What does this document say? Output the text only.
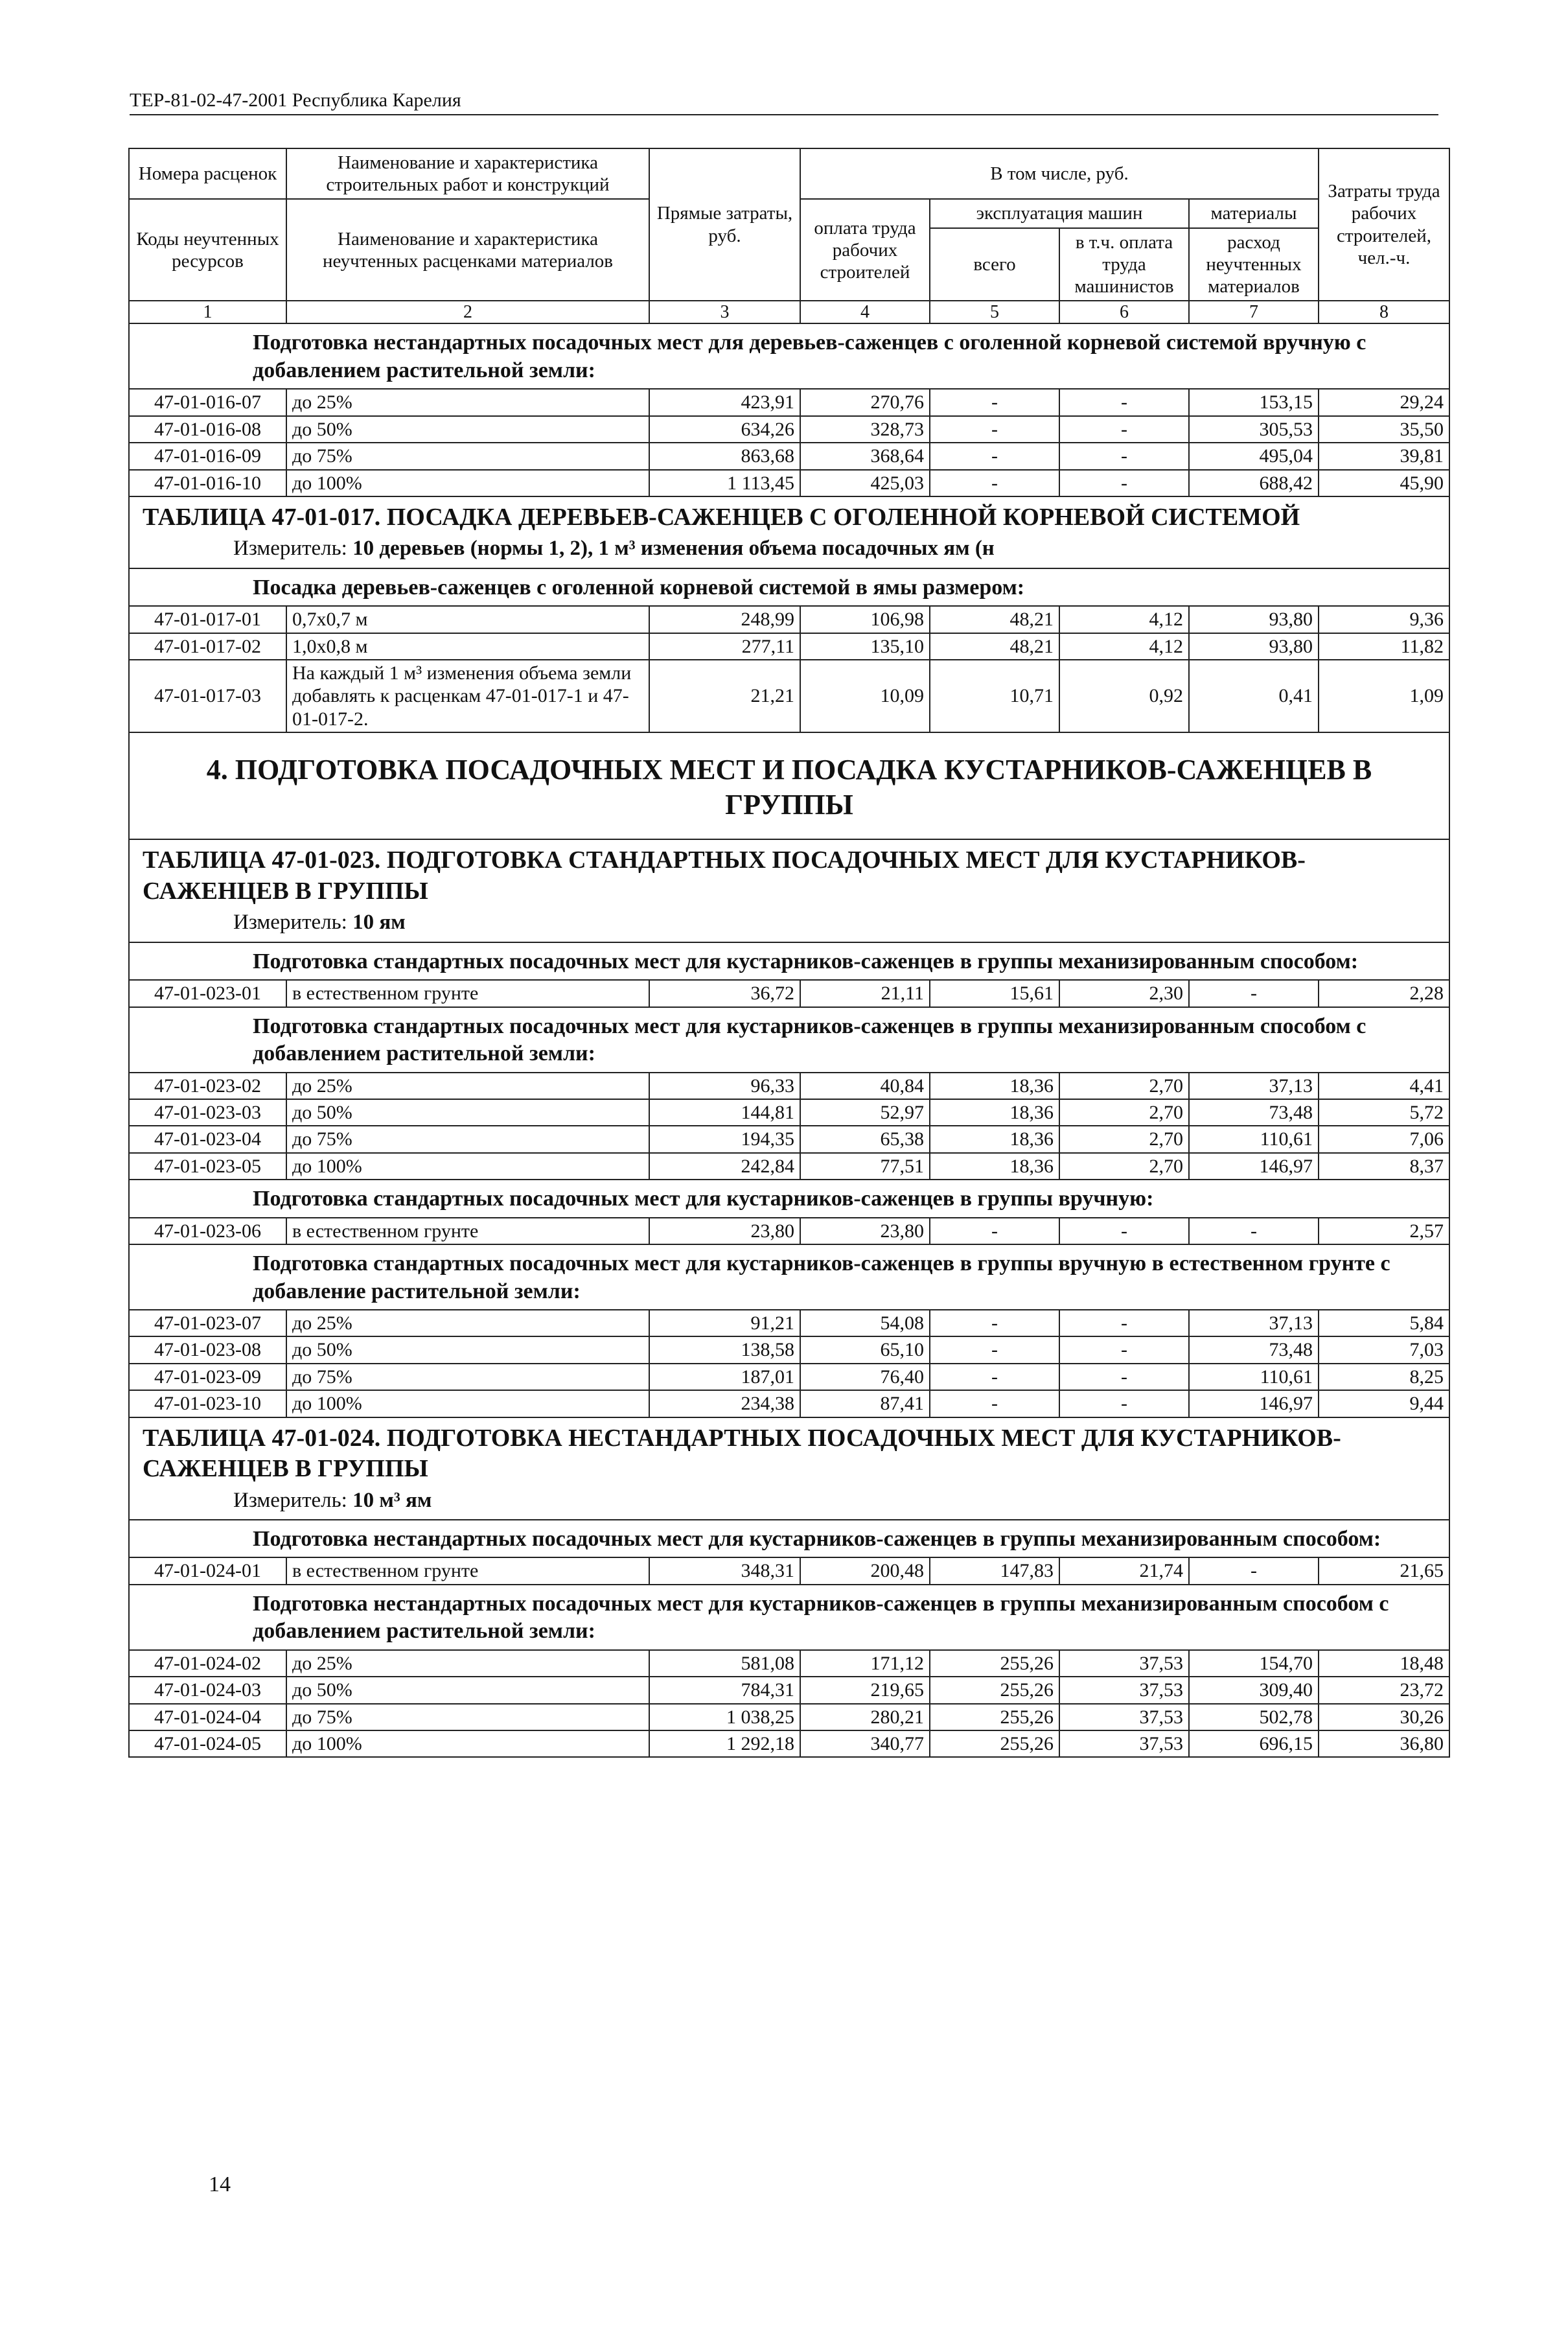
ТЕР-81-02-47-2001 Республика Карелия
Номера расценок	Наименование и характеристика строительных работ и конструкций	Прямые затраты, руб.	В том числе, руб.				Затраты труда рабочих строителей, чел.-ч.
Коды неучтенных ресурсов	Наименование и характеристика неучтенных расценками материалов		оплата труда рабочих строителей	эксплуатация машин		материалы	
				всего	в т.ч. оплата труда машинистов	расход неучтенных материалов	
1	2	3	4	5	6	7	8

Подготовка нестандартных посадочных мест для деревьев-саженцев с оголенной корневой системой вручную с добавлением растительной земли:							

47-01-016-07	до 25%	423,91	270,76	-	-	153,15	29,24
47-01-016-08	до 50%	634,26	328,73	-	-	305,53	35,50
47-01-016-09	до 75%	863,68	368,64	-	-	495,04	39,81
47-01-016-10	до 100%	1 113,45	425,03	-	-	688,42	45,90

ТАБЛИЦА 47-01-017. ПОСАДКА ДЕРЕВЬЕВ-САЖЕНЦЕВ С ОГОЛЕННОЙ КОРНЕВОЙ СИСТЕМОЙ
Измеритель: 10 деревьев (нормы 1, 2), 1 м³ изменения объема посадочных ям (н							

Посадка деревьев-саженцев с оголенной корневой системой в ямы размером:							

47-01-017-01	0,7х0,7 м	248,99	106,98	48,21	4,12	93,80	9,36
47-01-017-02	1,0х0,8 м	277,11	135,10	48,21	4,12	93,80	11,82
47-01-017-03	На каждый 1 м³ изменения объема земли добавлять к расценкам 47-01-017-1 и 47-01-017-2.	21,21	10,09	10,71	0,92	0,41	1,09
4. ПОДГОТОВКА ПОСАДОЧНЫХ МЕСТ И ПОСАДКА КУСТАРНИКОВ-САЖЕНЦЕВ В ГРУППЫ							

ТАБЛИЦА 47-01-023. ПОДГОТОВКА СТАНДАРТНЫХ ПОСАДОЧНЫХ МЕСТ ДЛЯ КУСТАРНИКОВ-САЖЕНЦЕВ В ГРУППЫ
Измеритель: 10 ям							

Подготовка стандартных посадочных мест для кустарников-саженцев в группы механизированным способом:							

47-01-023-01	в естественном грунте	36,72	21,11	15,61	2,30	-	2,28

Подготовка стандартных посадочных мест для кустарников-саженцев в группы механизированным способом с добавлением растительной земли:							

47-01-023-02	до 25%	96,33	40,84	18,36	2,70	37,13	4,41
47-01-023-03	до 50%	144,81	52,97	18,36	2,70	73,48	5,72
47-01-023-04	до 75%	194,35	65,38	18,36	2,70	110,61	7,06
47-01-023-05	до 100%	242,84	77,51	18,36	2,70	146,97	8,37

Подготовка стандартных посадочных мест для кустарников-саженцев в группы вручную:							

47-01-023-06	в естественном грунте	23,80	23,80	-	-	-	2,57

Подготовка стандартных посадочных мест для кустарников-саженцев в группы вручную в естественном грунте с добавление растительной земли:							

47-01-023-07	до 25%	91,21	54,08	-	-	37,13	5,84
47-01-023-08	до 50%	138,58	65,10	-	-	73,48	7,03
47-01-023-09	до 75%	187,01	76,40	-	-	110,61	8,25
47-01-023-10	до 100%	234,38	87,41	-	-	146,97	9,44

ТАБЛИЦА 47-01-024. ПОДГОТОВКА НЕСТАНДАРТНЫХ ПОСАДОЧНЫХ МЕСТ ДЛЯ КУСТАРНИКОВ-САЖЕНЦЕВ В ГРУППЫ
Измеритель: 10 м³ ям							

Подготовка нестандартных посадочных мест для кустарников-саженцев в группы механизированным способом:							

47-01-024-01	в естественном грунте	348,31	200,48	147,83	21,74	-	21,65

Подготовка нестандартных посадочных мест для кустарников-саженцев в группы механизированным способом с добавлением растительной земли:							

47-01-024-02	до 25%	581,08	171,12	255,26	37,53	154,70	18,48
47-01-024-03	до 50%	784,31	219,65	255,26	37,53	309,40	23,72
47-01-024-04	до 75%	1 038,25	280,21	255,26	37,53	502,78	30,26
47-01-024-05	до 100%	1 292,18	340,77	255,26	37,53	696,15	36,80
14
